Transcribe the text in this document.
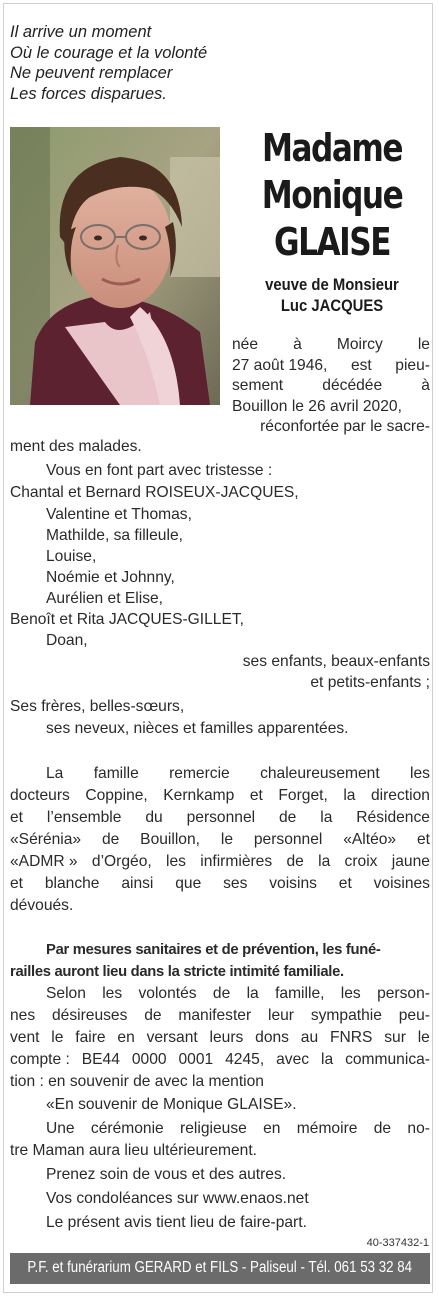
Il arrive un moment
Où le courage et la volonté
Ne peuvent remplacer
Les forces disparues.
Madame
Monique
GLAISE
veuve de Monsieur
Luc JACQUES
née à Moircy le
27 août 1946, est pieu-
sement	décédée	à
Bouillon le 26 avril 2020,
réconfortée par le sacre-
ment des malades.
Vous en font part avec tristesse :
Chantal et Bernard ROISEUX-JACQUES,
Valentine et Thomas,
Mathilde, sa filleule,
Louise,
Noémie et Johnny,
Aurélien et Elise,
Benoît et Rita JACQUES-GILLET,
Doan,
ses enfants, beaux-enfants
et petits-enfants ;
Ses frères, belles-sœurs,
ses neveux, nièces et familles apparentées.
La famille remercie chaleureusement les
docteurs Coppine, Kernkamp et Forget, la direction
et l’ensemble du personnel de la Résidence
«Sérénia» de Bouillon, le personnel «Altéo» et
«ADMR » d’Orgéo, les infirmières de la croix jaune
et blanche ainsi que ses voisins et voisines
dévoués.
Par mesures sanitaires et de prévention, les funé-
railles auront lieu dans la stricte intimité familiale.
Selon les volontés de la famille, les person-
nes désireuses de manifester leur sympathie peu-
vent le faire en versant leurs dons au FNRS sur le
compte : BE44 0000 0001 4245, avec la communica-
tion : en souvenir de avec la mention
«En souvenir de Monique GLAISE».
Une cérémonie religieuse en mémoire de no-
tre Maman aura lieu ultérieurement.
Prenez soin de vous et des autres.
Vos condoléances sur www.enaos.net
Le présent avis tient lieu de faire-part.
40-337432-1
P.F. et funérarium GERARD et FILS - Paliseul - Tél. 061 53 32 84
